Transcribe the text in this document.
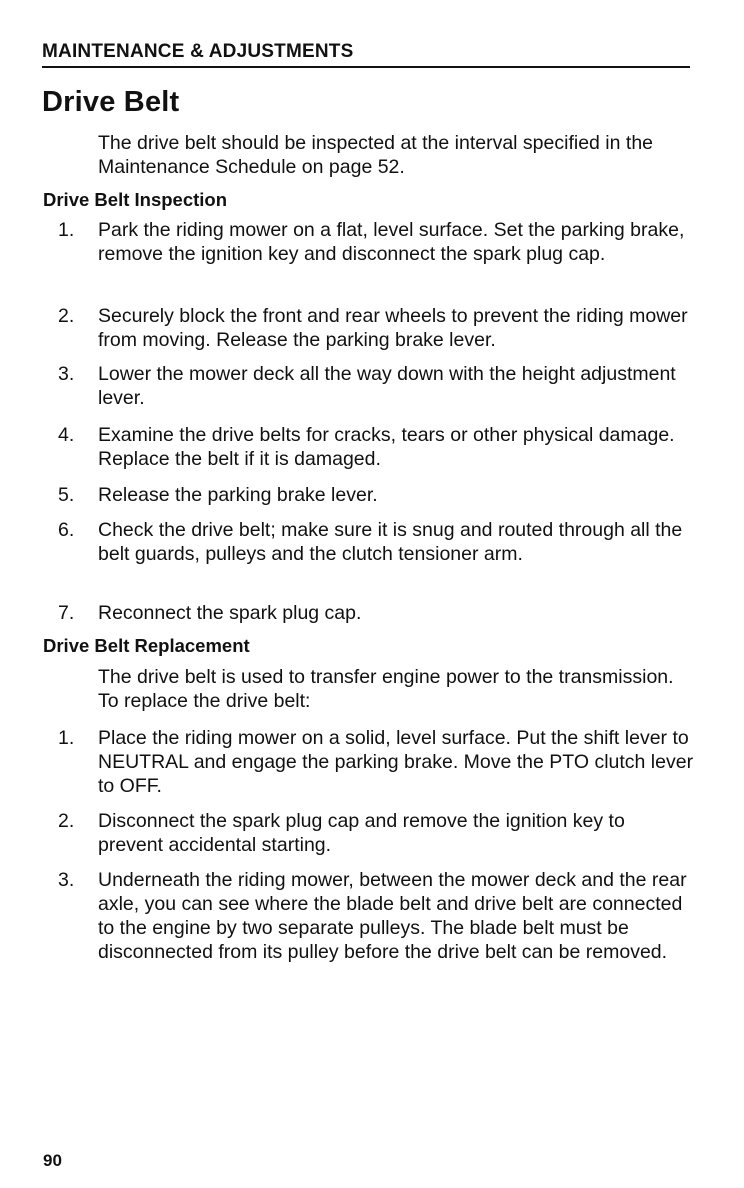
MAINTENANCE & ADJUSTMENTS
Drive Belt

The drive belt should be inspected at the interval specified in the Maintenance Schedule on page 52.

Drive Belt Inspection
1. Park the riding mower on a flat, level surface. Set the parking brake, remove the ignition key and disconnect the spark plug cap.
2. Securely block the front and rear wheels to prevent the riding mower from moving. Release the parking brake lever.
3. Lower the mower deck all the way down with the height adjustment lever.
4. Examine the drive belts for cracks, tears or other physical damage. Replace the belt if it is damaged.
5. Release the parking brake lever.
6. Check the drive belt; make sure it is snug and routed through all the belt guards, pulleys and the clutch tensioner arm.
7. Reconnect the spark plug cap.
Drive Belt Replacement

The drive belt is used to transfer engine power to the transmission. To replace the drive belt:

1. Place the riding mower on a solid, level surface. Put the shift lever to NEUTRAL and engage the parking brake. Move the PTO clutch lever to OFF.
2. Disconnect the spark plug cap and remove the ignition key to prevent accidental starting.
3. Underneath the riding mower, between the mower deck and the rear axle, you can see where the blade belt and drive belt are connected to the engine by two separate pulleys. The blade belt must be disconnected from its pulley before the drive belt can be removed.
90
